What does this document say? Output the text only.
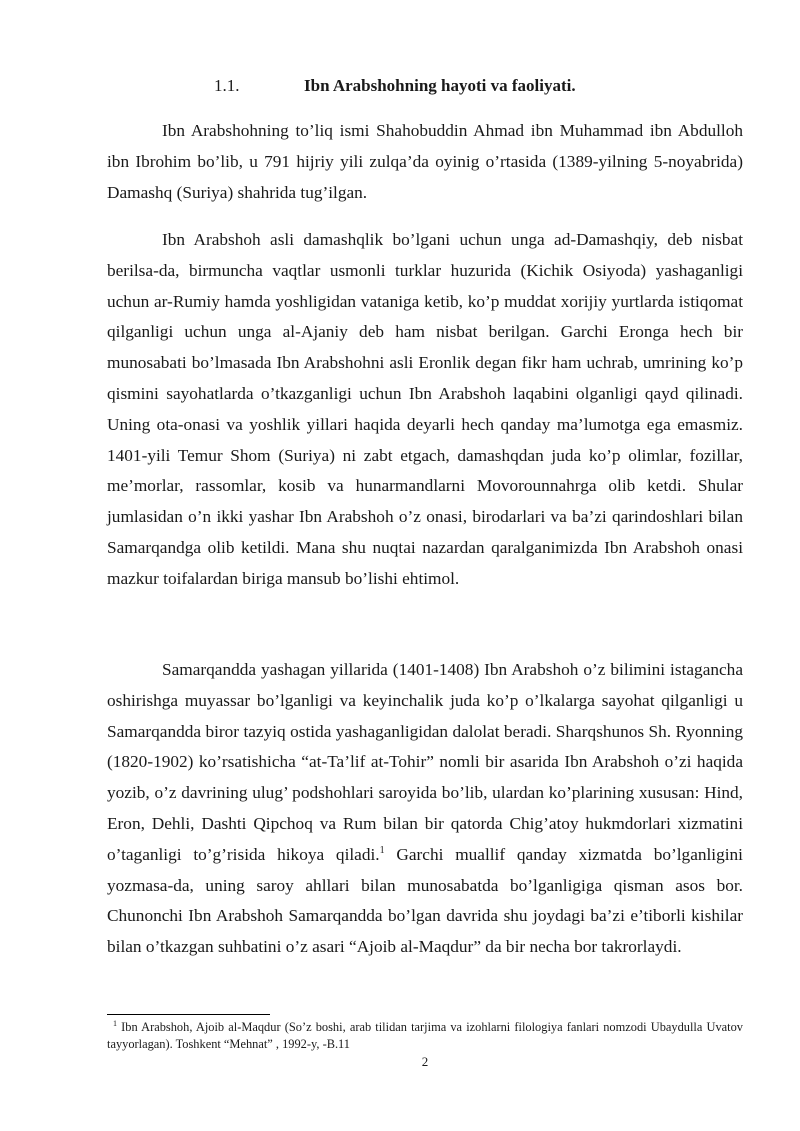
1.1.	Ibn Arabshohning hayoti va faoliyati.

Ibn Arabshohning to’liq ismi Shahobuddin Ahmad ibn Muhammad ibn Abdulloh ibn Ibrohim bo’lib, u 791 hijriy yili zulqa’da oyinig o’rtasida (1389-yilning 5-noyabrida) Damashq (Suriya) shahrida tug’ilgan.

Ibn Arabshoh asli damashqlik bo’lgani uchun unga ad-Damashqiy, deb nisbat berilsa-da, birmuncha vaqtlar usmonli turklar huzurida (Kichik Osiyoda) yashaganligi uchun ar-Rumiy hamda yoshligidan vataniga ketib, ko’p muddat xorijiy yurtlarda istiqomat qilganligi uchun unga al-Ajaniy deb ham nisbat berilgan. Garchi Eronga hech bir munosabati bo’lmasada Ibn Arabshohni asli Eronlik degan fikr ham uchrab, umrining ko’p qismini sayohatlarda o’tkazganligi uchun Ibn Arabshoh laqabini olganligi qayd qilinadi. Uning ota-onasi va yoshlik yillari haqida deyarli hech qanday ma’lumotga ega emasmiz. 1401-yili Temur Shom (Suriya) ni zabt etgach, damashqdan juda ko’p olimlar, fozillar, me’morlar, rassomlar, kosib va hunarmandlarni Movorounnahrga olib ketdi. Shular jumlasidan o’n ikki yashar Ibn Arabshoh o’z onasi, birodarlari va ba’zi qarindoshlari bilan Samarqandga olib ketildi. Mana shu nuqtai nazardan qaralganimizda Ibn Arabshoh onasi mazkur toifalardan biriga mansub bo’lishi ehtimol.

Samarqandda yashagan yillarida (1401-1408) Ibn Arabshoh o’z bilimini istagancha oshirishga muyassar bo’lganligi va keyinchalik juda ko’p o’lkalarga sayohat qilganligi u Samarqandda biror tazyiq ostida yashaganligidan dalolat beradi. Sharqshunos Sh. Ryonning (1820-1902) ko’rsatishicha “at-Ta’lif at-Tohir” nomli bir asarida Ibn Arabshoh o’zi haqida yozib, o’z davrining ulug’ podshohlari saroyida bo’lib, ulardan ko’plarining xususan: Hind, Eron, Dehli, Dashti Qipchoq va Rum bilan bir qatorda Chig’atoy hukmdorlari xizmatini o’taganligi to’g’risida hikoya qiladi.$^1$ Garchi muallif qanday xizmatda bo’lganligini yozmasa-da, uning saroy ahllari bilan munosabatda bo’lganligiga qisman asos bor. Chunonchi Ibn Arabshoh Samarqandda bo’lgan davrida shu joydagi ba’zi e’tiborli kishilar bilan o’tkazgan suhbatini o’z asari “Ajoib al-Maqdur” da bir necha bor takrorlaydi.

$^1$ Ibn Arabshoh, Ajoib al-Maqdur (So’z boshi, arab tilidan tarjima va izohlarni filologiya fanlari nomzodi Ubaydulla Uvatov tayyorlagan). Toshkent “Mehnat” , 1992-y, -B.11

2
